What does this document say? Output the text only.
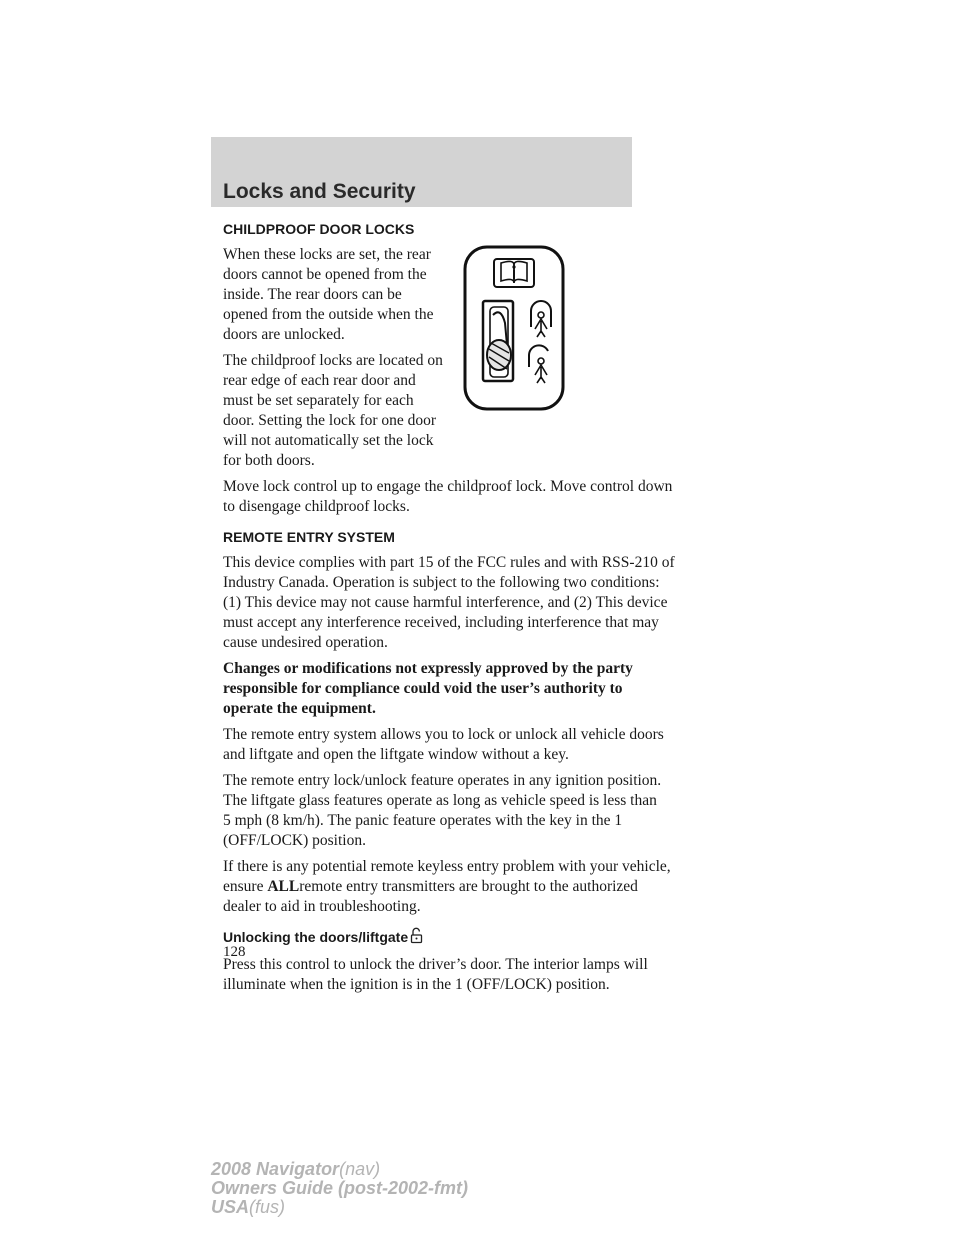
Locks and Security
CHILDPROOF DOOR LOCKS

When these locks are set, the rear
doors cannot be opened from the
inside. The rear doors can be
opened from the outside when the
doors are unlocked.

The childproof locks are located on
rear edge of each rear door and
must be set separately for each
door. Setting the lock for one door
will not automatically set the lock
for both doors.

Move lock control up to engage the childproof lock. Move control down
to disengage childproof locks.

REMOTE ENTRY SYSTEM

This device complies with part 15 of the FCC rules and with RSS-210 of
Industry Canada. Operation is subject to the following two conditions:
(1) This device may not cause harmful interference, and (2) This device
must accept any interference received, including interference that may
cause undesired operation.

Changes or modifications not expressly approved by the party
responsible for compliance could void the user’s authority to
operate the equipment.

The remote entry system allows you to lock or unlock all vehicle doors
and liftgate and open the liftgate window without a key.

The remote entry lock/unlock feature operates in any ignition position.
The liftgate glass features operate as long as vehicle speed is less than
5 mph (8 km/h). The panic feature operates with the key in the 1
(OFF/LOCK) position.

If there is any potential remote keyless entry problem with your vehicle,
ensure ALLremote entry transmitters are brought to the authorized
dealer to aid in troubleshooting.

Unlocking the doors/liftgate

Press this control to unlock the driver’s door. The interior lamps will
illuminate when the ignition is in the 1 (OFF/LOCK) position.

128
2008 Navigator(nav)
Owners Guide (post-2002-fmt)
USA(fus)
